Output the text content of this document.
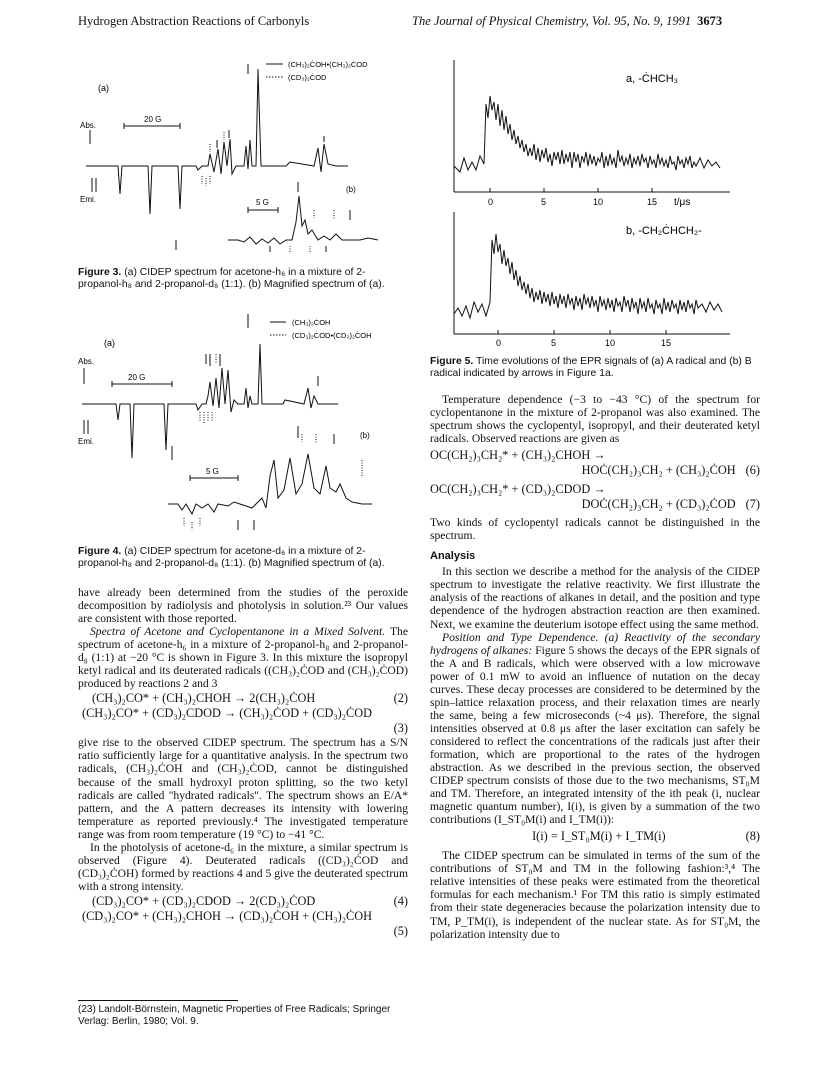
Hydrogen Abstraction Reactions of Carbonyls	The Journal of Physical Chemistry, Vol. 95, No. 9, 1991 3673
(a)
(b)
(CH₃)₂ĊOH•(CH₃)₂ĊOD
(CD₃)₂ĊOD
Abs.
Emi.
20 G
5 G
Figure 3. (a) CIDEP spectrum for acetone-h₆ in a mixture of 2-propanol-h₈ and 2-propanol-d₈ (1:1). (b) Magnified spectrum of (a).
(a)
(b)
(CH₃)₂ĊOH
(CD₃)₂ĊOD•(CD₃)₂ĊOH
Abs.
Emi.
20 G
5 G
Figure 4. (a) CIDEP spectrum for acetone-d₆ in a mixture of 2-propanol-h₈ and 2-propanol-d₈ (1:1). (b) Magnified spectrum of (a).

have already been determined from the studies of the peroxide decomposition by radiolysis and photolysis in solution.²³ Our values are consistent with those reported.

Spectra of Acetone and Cyclopentanone in a Mixed Solvent. The spectrum of acetone-h₆ in a mixture of 2-propanol-h₈ and 2-propanol-d₈ (1:1) at −20 °C is shown in Figure 3. In this mixture the isopropyl ketyl radical and its deuterated radicals ((CH₃)₂ĊOD and (CH₃)₂ĊOD) produced by reactions 2 and 3

(CH₃)₂CO* + (CH₃)₂CHOH → 2(CH₃)₂ĊOH	(2)
(CH₃)₂CO* + (CD₃)₂CDOD → (CH₃)₂ĊOD + (CD₃)₂ĊOD
(3)

give rise to the observed CIDEP spectrum. The spectrum has a S/N ratio sufficiently large for a quantitative analysis. In the spectrum two radicals, (CH₃)₂ĊOH and (CH₃)₂ĊOD, cannot be distinguished because of the small hydroxyl proton splitting, so the two ketyl radicals are called "hydrated radicals". The spectrum shows an E/A* pattern, and the A pattern decreases its intensity with lowering temperature as reported previously.⁴ The investigated temperature range was from room temperature (19 °C) to −41 °C.

In the photolysis of acetone-d₆ in the mixture, a similar spectrum is observed (Figure 4). Deuterated radicals ((CD₃)₂ĊOD and (CD₃)₂ĊOH) formed by reactions 4 and 5 give the deuterated spectrum with a strong intensity.

(CD₃)₂CO* + (CD₃)₂CDOD → 2(CD₃)₂ĊOD	(4)
(CD₃)₂CO* + (CH₃)₂CHOH → (CD₃)₂ĊOH + (CH₃)₂ĊOH
(5)
(23) Landolt-Börnstein, Magnetic Properties of Free Radicals; Springer Verlag: Berlin, 1980; Vol. 9.
a, -ĊHCH₃
b, -CH₂ĊHCH₂-
t/μs
0	5	10	15
0	5	10	15
Figure 5. Time evolutions of the EPR signals of (a) A radical and (b) B radical indicated by arrows in Figure 1a.

Temperature dependence (−3 to −43 °C) of the spectrum for cyclopentanone in the mixture of 2-propanol was also examined. The spectrum shows the cyclopentyl, isopropyl, and their deuterated ketyl radicals. Observed reactions are given as

OC(CH₂)₃CH₂* + (CH₃)₂CHOH →
HOĊ(CH₂)₃CH₂ + (CH₃)₂ĊOH (6)
OC(CH₂)₃CH₂* + (CD₃)₂CDOD →
DOĊ(CH₂)₃CH₂ + (CD₃)₂ĊOD (7)

Two kinds of cyclopentyl radicals cannot be distinguished in the spectrum.

Analysis

In this section we describe a method for the analysis of the CIDEP spectrum to investigate the relative reactivity. We first illustrate the analysis of the reactions of alkanes in detail, and the position and type dependence of the hydrogen abstraction reaction are then examined. Next, we examine the deuterium isotope effect using the same method.

Position and Type Dependence. (a) Reactivity of the secondary hydrogens of alkanes: Figure 5 shows the decays of the EPR signals of the A and B radicals, which were observed with a low microwave power of 0.1 mW to avoid an influence of nutation on the decay curves. These decay processes are considered to be determined by the spin–lattice relaxation process, and their relaxation times are nearly the same, being a few microseconds (~4 μs). Therefore, the signal intensities observed at 0.8 μs after the laser excitation can safely be considered to reflect the concentrations of the radicals just after their formation, which are proportional to the rates of the hydrogen abstraction. As we described in the previous section, the observed CIDEP spectrum consists of those due to the two mechanisms, ST₀M and TM. Therefore, an integrated intensity of the ith peak (i, nuclear magnetic quantum number), I(i), is given by a summation of the two contributions (I_ST₀M(i) and I_TM(i)):

I(i) = I_ST₀M(i) + I_TM(i)	(8)

The CIDEP spectrum can be simulated in terms of the sum of the contributions of ST₀M and TM in the following fashion:³,⁴ The relative intensities of these peaks were estimated from the theoretical formulas for each mechanism.¹ For TM this ratio is simply estimated from their state degeneracies because the polarization intensity due to TM, P_TM(i), is independent of the nuclear state. As for ST₀M, the polarization intensity due to
